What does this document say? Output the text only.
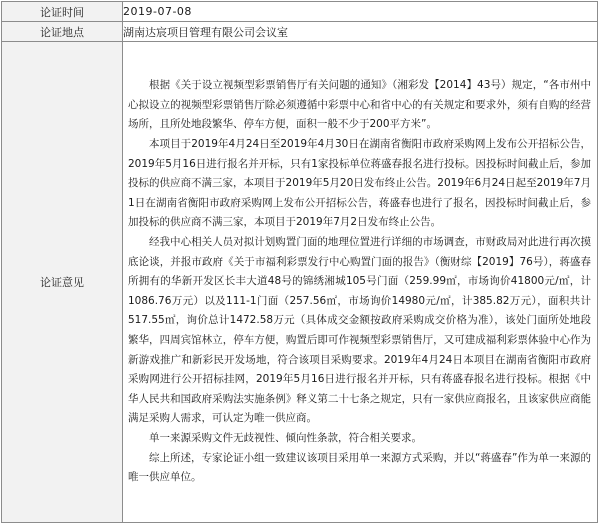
论证时间	2019-07-08
论证地点	湖南达宸项目管理有限公司会议室
论证意见	根据《关于设立视频型彩票销售厅有关问题的通知》（湘彩发【2014】43号）规定，“各市州中心拟设立的视频型彩票销售厅除必须遵循中彩票中心和省中心的有关规定和要求外，须有自购的经营场所，且所处地段繁华、停车方便，面积一般不少于200平方米”。

本项目于2019年4月24日至2019年4月30日在湖南省衡阳市政府采购网上发布公开招标公告，2019年5月16日进行报名并开标，只有1家投标单位蒋盛春报名进行投标。因投标时间截止后，参加投标的供应商不满三家，本项目于2019年5月20日发布终止公告。2019年6月24日起至2019年7月1日在湖南省衡阳市政府采购网上发布公开招标公告，蒋盛春也进行了报名，因投标时间截止后，参加投标的供应商不满三家，本项目于2019年7月2日发布终止公告。

经我中心相关人员对拟计划购置门面的地理位置进行详细的市场调查，市财政局对此进行再次摸底论谈，并报市政府《关于市福利彩票发行中心购置门面的报告》（衡财综【2019】76号），蒋盛春所拥有的华新开发区长丰大道48号的锦绣湘城105号门面（259.99㎡，市场询价41800元/㎡，计1086.76万元）以及111-1门面（257.56㎡，市场询价14980元/㎡，计385.82万元），面积共计517.55㎡，询价总计1472.58万元（具体成交金额按政府采购成交价格为准），该处门面所处地段繁华，四周宾馆林立，停车方便，购置后即可作视频型彩票销售厅，又可建成福利彩票体验中心作为新游戏推广和新彩民开发场地，符合该项目采购要求。2019年4月24日本项目在湖南省衡阳市政府采购网进行公开招标挂网，2019年5月16日进行报名并开标，只有蒋盛春报名进行投标。根据《中华人民共和国政府采购法实施条例》释义第二十七条之规定，只有一家供应商报名，且该家供应商能满足采购人需求，可认定为唯一供应商。

单一来源采购文件无歧视性、倾向性条款，符合相关要求。

综上所述，专家论证小组一致建议该项目采用单一来源方式采购，并以“蒋盛春”作为单一来源的唯一供应单位。
